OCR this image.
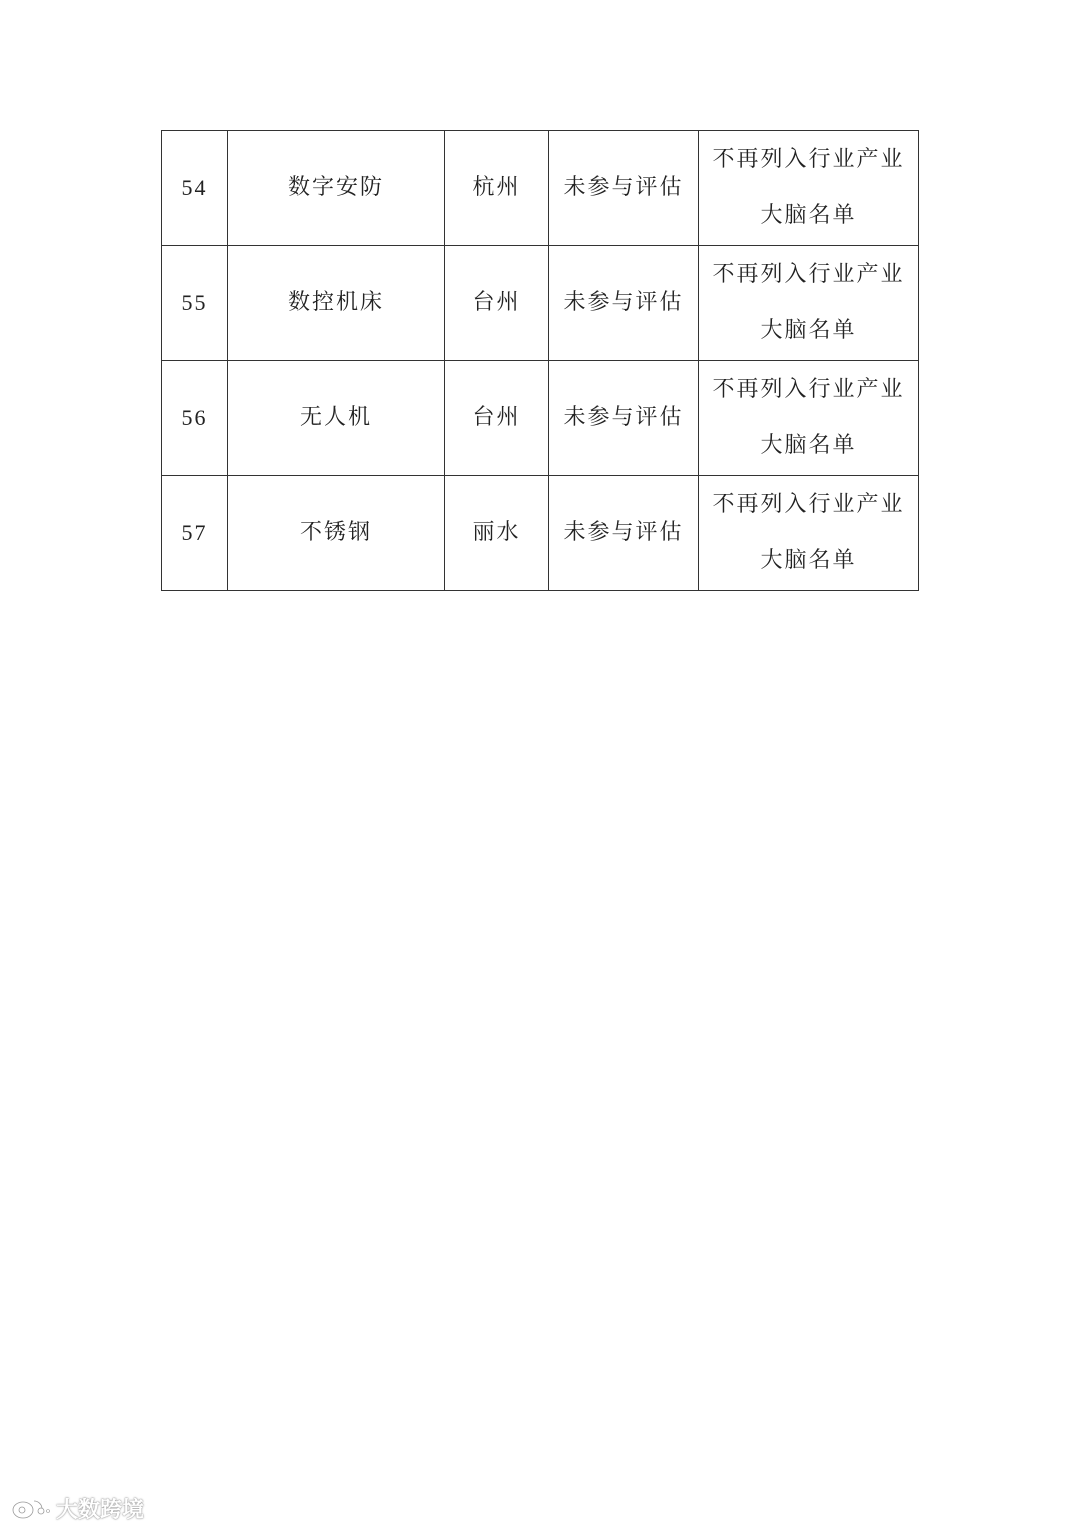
54	数字安防	杭州	未参与评估	不再列入行业产业大脑名单
55	数控机床	台州	未参与评估	不再列入行业产业大脑名单
56	无人机	台州	未参与评估	不再列入行业产业大脑名单
57	不锈钢	丽水	未参与评估	不再列入行业产业大脑名单
大数跨境
